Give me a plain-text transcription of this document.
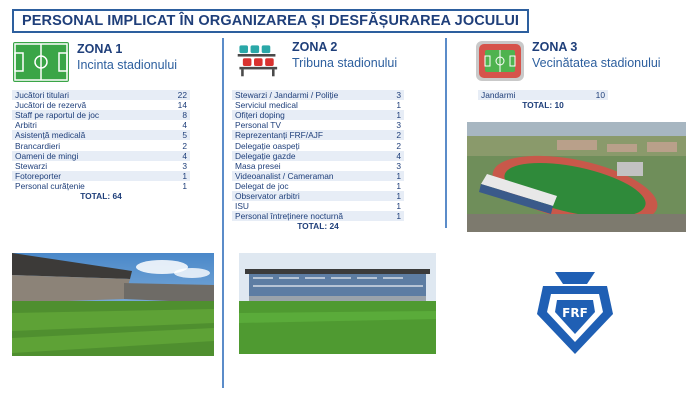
PERSONAL IMPLICAT ÎN ORGANIZAREA ȘI DESFĂȘURAREA JOCULUI
ZONA 1
Incinta stadionului
Jucători titulari	22
Jucători de rezervă	14
Staff pe raportul de joc	8
Arbitri	4
Asistență medicală	5
Brancardieri	2
Oameni de mingi	4
Stewarzi	3
Fotoreporter	1
Personal curățenie	1
TOTAL: 64	
ZONA 2
Tribuna stadionului
Stewarzi / Jandarmi / Poliție	3
Serviciul medical	1
Ofițeri doping	1
Personal TV	3
Reprezentanți FRF/AJF	2
Delegație oaspeți	2
Delegație gazde	4
Masa presei	3
Videoanalist / Cameraman	1
Delegat de joc	1
Observator arbitri	1
ISU	1
Personal întreținere nocturnă	1
TOTAL: 24	
ZONA 3
Vecinătatea stadionului
Jandarmi	10
TOTAL: 10
FRF
